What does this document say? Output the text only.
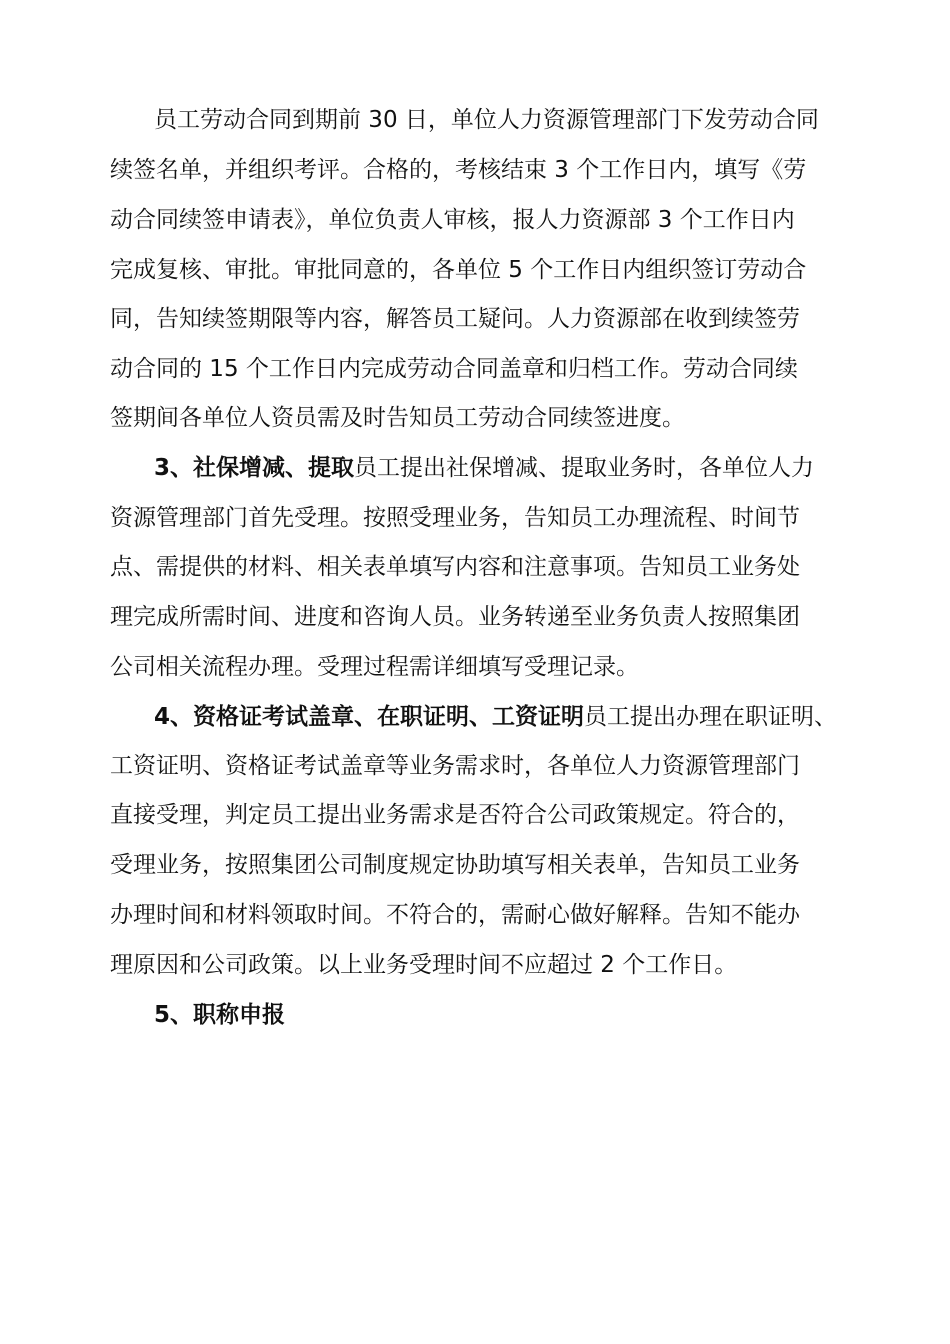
员工劳动合同到期前 30 日，单位人力资源管理部门下发劳动合同
续签名单，并组织考评。合格的，考核结束 3 个工作日内，填写《劳
动合同续签申请表》，单位负责人审核，报人力资源部 3 个工作日内
完成复核、审批。审批同意的，各单位 5 个工作日内组织签订劳动合
同，告知续签期限等内容，解答员工疑问。人力资源部在收到续签劳
动合同的 15 个工作日内完成劳动合同盖章和归档工作。劳动合同续
签期间各单位人资员需及时告知员工劳动合同续签进度。
3、社保增减、提取员工提出社保增减、提取业务时，各单位人力
资源管理部门首先受理。按照受理业务，告知员工办理流程、时间节
点、需提供的材料、相关表单填写内容和注意事项。告知员工业务处
理完成所需时间、进度和咨询人员。业务转递至业务负责人按照集团
公司相关流程办理。受理过程需详细填写受理记录。
4、资格证考试盖章、在职证明、工资证明员工提出办理在职证明、
工资证明、资格证考试盖章等业务需求时，各单位人力资源管理部门
直接受理，判定员工提出业务需求是否符合公司政策规定。符合的，
受理业务，按照集团公司制度规定协助填写相关表单，告知员工业务
办理时间和材料领取时间。不符合的，需耐心做好解释。告知不能办
理原因和公司政策。以上业务受理时间不应超过 2 个工作日。
5、职称申报
